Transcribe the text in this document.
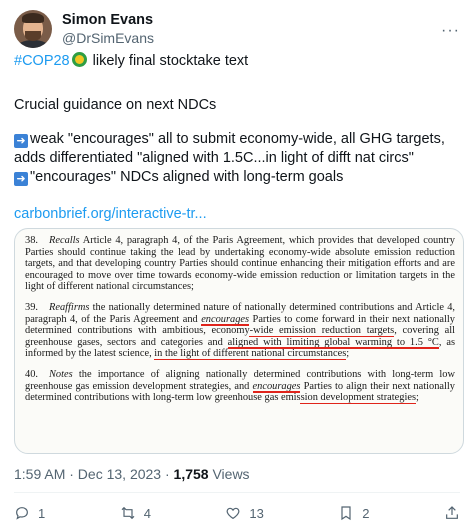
Simon Evans
@DrSimEvans	···

#COP28 likely final stocktake text

Crucial guidance on next NDCs

➜ weak "encourages" all to submit economy-wide, all GHG targets, adds differentiated "aligned with 1.5C...in light of difft nat circs"

➜ "encourages" NDCs aligned with long-term goals

carbonbrief.org/interactive-tr...

38. Recalls Article 4, paragraph 4, of the Paris Agreement, which provides that developed country Parties should continue taking the lead by undertaking economy-wide absolute emission reduction targets, and that developing country Parties should continue enhancing their mitigation efforts and are encouraged to move over time towards economy-wide emission reduction or limitation targets in the light of different national circumstances;
39. Reaffirms the nationally determined nature of nationally determined contributions and Article 4, paragraph 4, of the Paris Agreement and encourages Parties to come forward in their next nationally determined contributions with ambitious, economy-wide emission reduction targets, covering all greenhouse gases, sectors and categories and aligned with limiting global warming to 1.5 °C, as informed by the latest science, in the light of different national circumstances;
40. Notes the importance of aligning nationally determined contributions with long-term low greenhouse gas emission development strategies, and encourages Parties to align their next nationally determined contributions with long-term low greenhouse gas emission development strategies;
1:59 AM · Dec 13, 2023 · 1,758 Views
1	4	13	2
